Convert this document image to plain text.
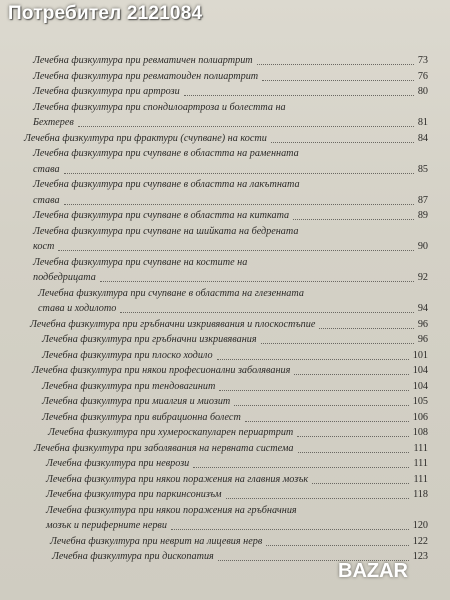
Потребител 2121084
Лечебна физкултура при ревматичен полиартрит	73
Лечебна физкултура при ревматоиден полиартрит	76
Лечебна физкултура при артрози	80
Лечебна физкултура при спондилоартроза и болестта на
Бехтерев	81
Лечебна физкултура при фрактури (счупване) на кости	84
Лечебна физкултура при счупване в областта на раменната
става	85
Лечебна физкултура при счупване в областта на лакътната
става	87
Лечебна физкултура при счупване в областта на китката	89
Лечебна физкултура при счупване на шийката на бедрената
кост	90
Лечебна физкултура при счупване на костите на
подбедрицата	92
Лечебна физкултура при счупване в областта на глезенната
става и ходилото	94
Лечебна физкултура при гръбначни изкривявания и плоскостъпие	96
Лечебна физкултура при гръбначни изкривявания	96
Лечебна физкултура при плоско ходило	101
Лечебна физкултура при някои професионални заболявания	104
Лечебна физкултура при тендовагинит	104
Лечебна физкултура при миалгия и миозит	105
Лечебна физкултура при вибрационна болест	106
Лечебна физкултура при хумероскапуларен периартрит	108
Лечебна физкултура при заболявания на нервната система	111
Лечебна физкултура при неврози	111
Лечебна физкултура при някои поражения на главния мозък	111
Лечебна физкултура при паркинсонизъм	118
Лечебна физкултура при някои поражения на гръбначния
мозък и периферните нерви	120
Лечебна физкултура при неврит на лицевия нерв	122
Лечебна физкултура при дископатия	123
BAZAR
